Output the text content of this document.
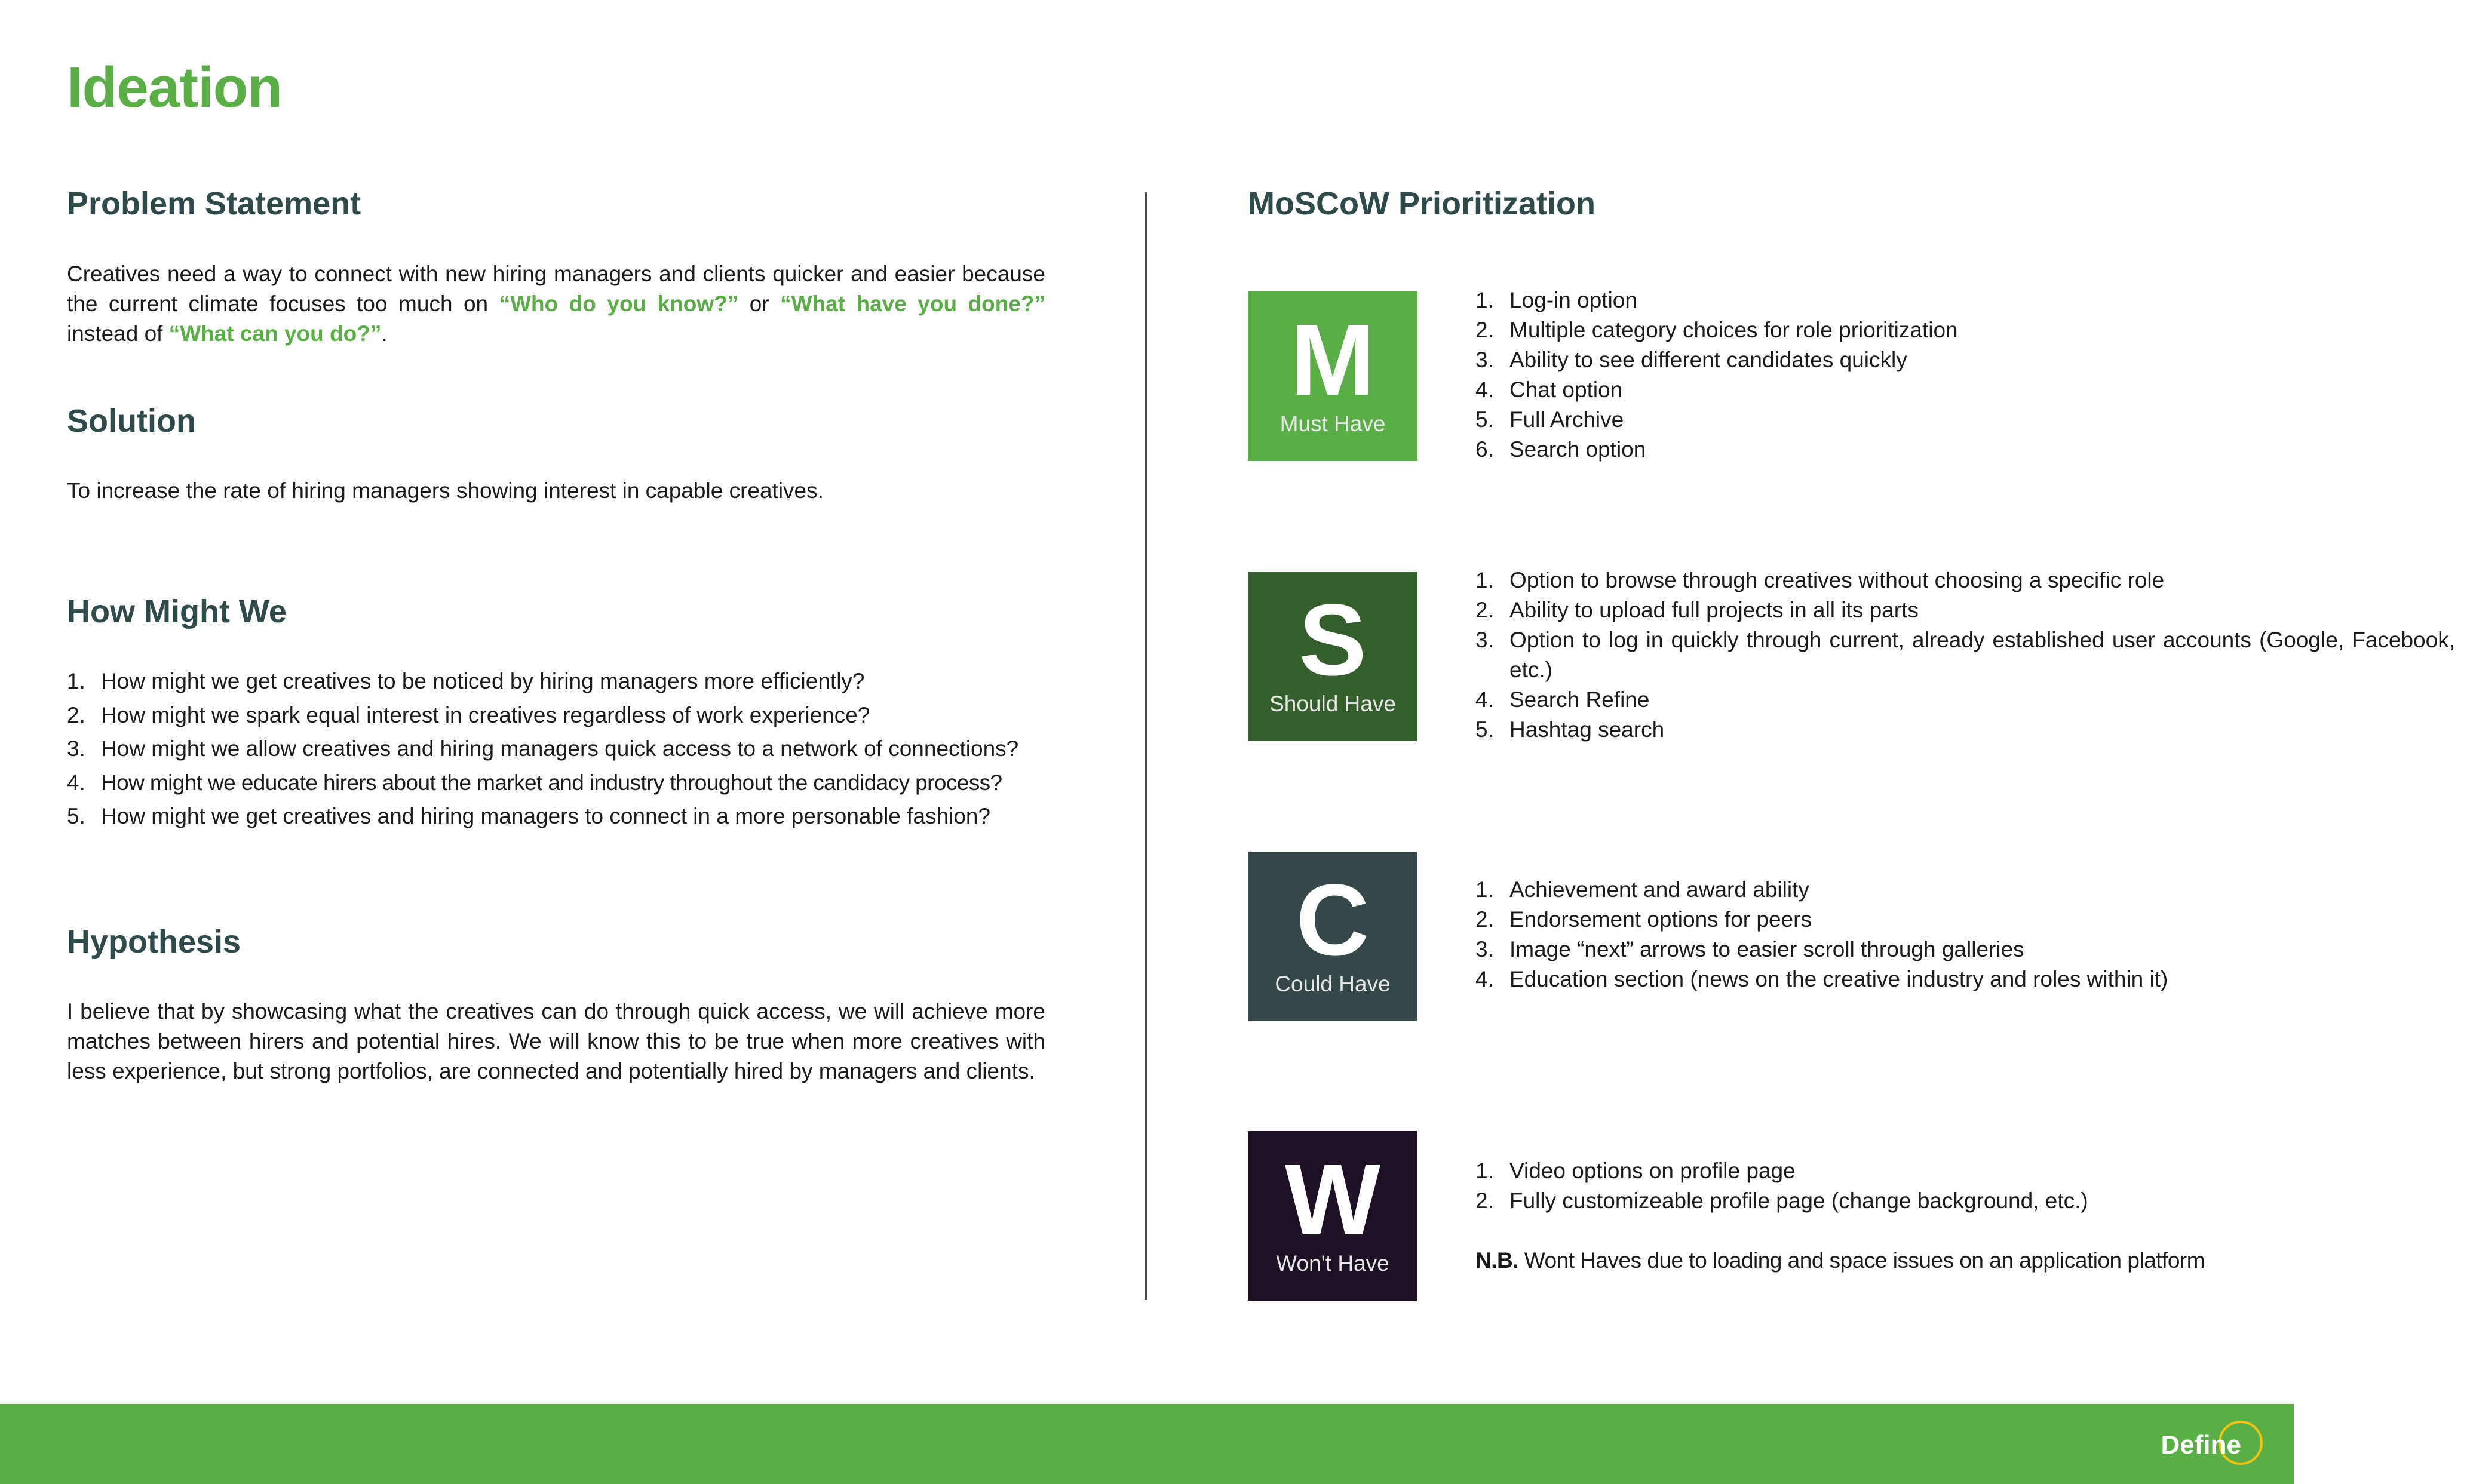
Ideation
Problem Statement

Creatives need a way to connect with new hiring managers and clients quicker and easier because the current climate focuses too much on “Who do you know?” or “What have you done?” instead of “What can you do?”.

Solution

To increase the rate of hiring managers showing interest in capable creatives.

How Might We
1. How might we get creatives to be noticed by hiring managers more efficiently?
2. How might we spark equal interest in creatives regardless of work experience?
3. How might we allow creatives and hiring managers quick access to a network of connections?
4. How might we educate hirers about the market and industry throughout the candidacy process?
5. How might we get creatives and hiring managers to connect in a more personable fashion?
Hypothesis

I believe that by showcasing what the creatives can do through quick access, we will achieve more matches between hirers and potential hires. We will know this to be true when more creatives with less experience, but strong portfolios, are connected and potentially hired by managers and clients.

MoSCoW Prioritization
M
Must Have
1. Log-in option
2. Multiple category choices for role prioritization
3. Ability to see different candidates quickly
4. Chat option
5. Full Archive
6. Search option
S
Should Have
1. Option to browse through creatives without choosing a specific role
2. Ability to upload full projects in all its parts
3. Option to log in quickly through current, already established user accounts (Google, Facebook, etc.)
4. Search Refine
5. Hashtag search
C
Could Have
1. Achievement and award ability
2. Endorsement options for peers
3. Image “next” arrows to easier scroll through galleries
4. Education section (news on the creative industry and roles within it)
W
Won't Have
1. Video options on profile page
2. Fully customizeable profile page (change background, etc.)

N.B. Wont Haves due to loading and space issues on an application platform

Define
